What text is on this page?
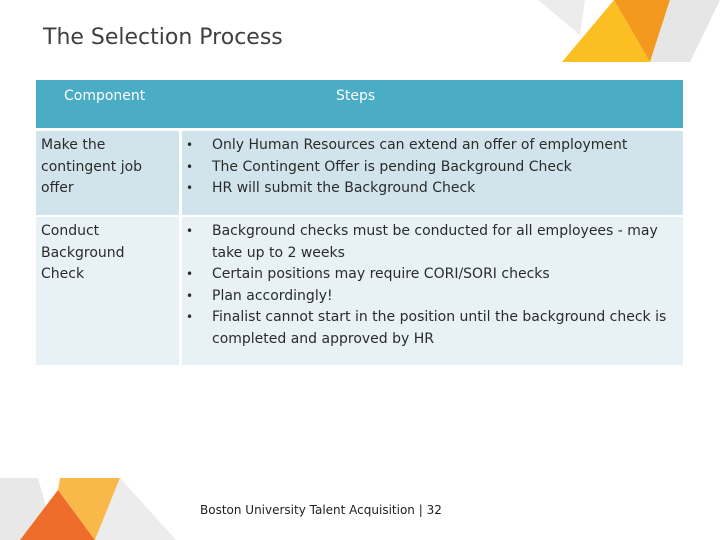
The Selection Process
Component	Steps
Make the contingent job offer
• Only Human Resources can extend an offer of employment
• The Contingent Offer is pending Background Check
• HR will submit the Background Check
Conduct Background Check
• Background checks must be conducted for all employees - may take up to 2 weeks
• Certain positions may require CORI/SORI checks
• Plan accordingly!
• Finalist cannot start in the position until the background check is completed and approved by HR
Boston University Talent Acquisition | 32
